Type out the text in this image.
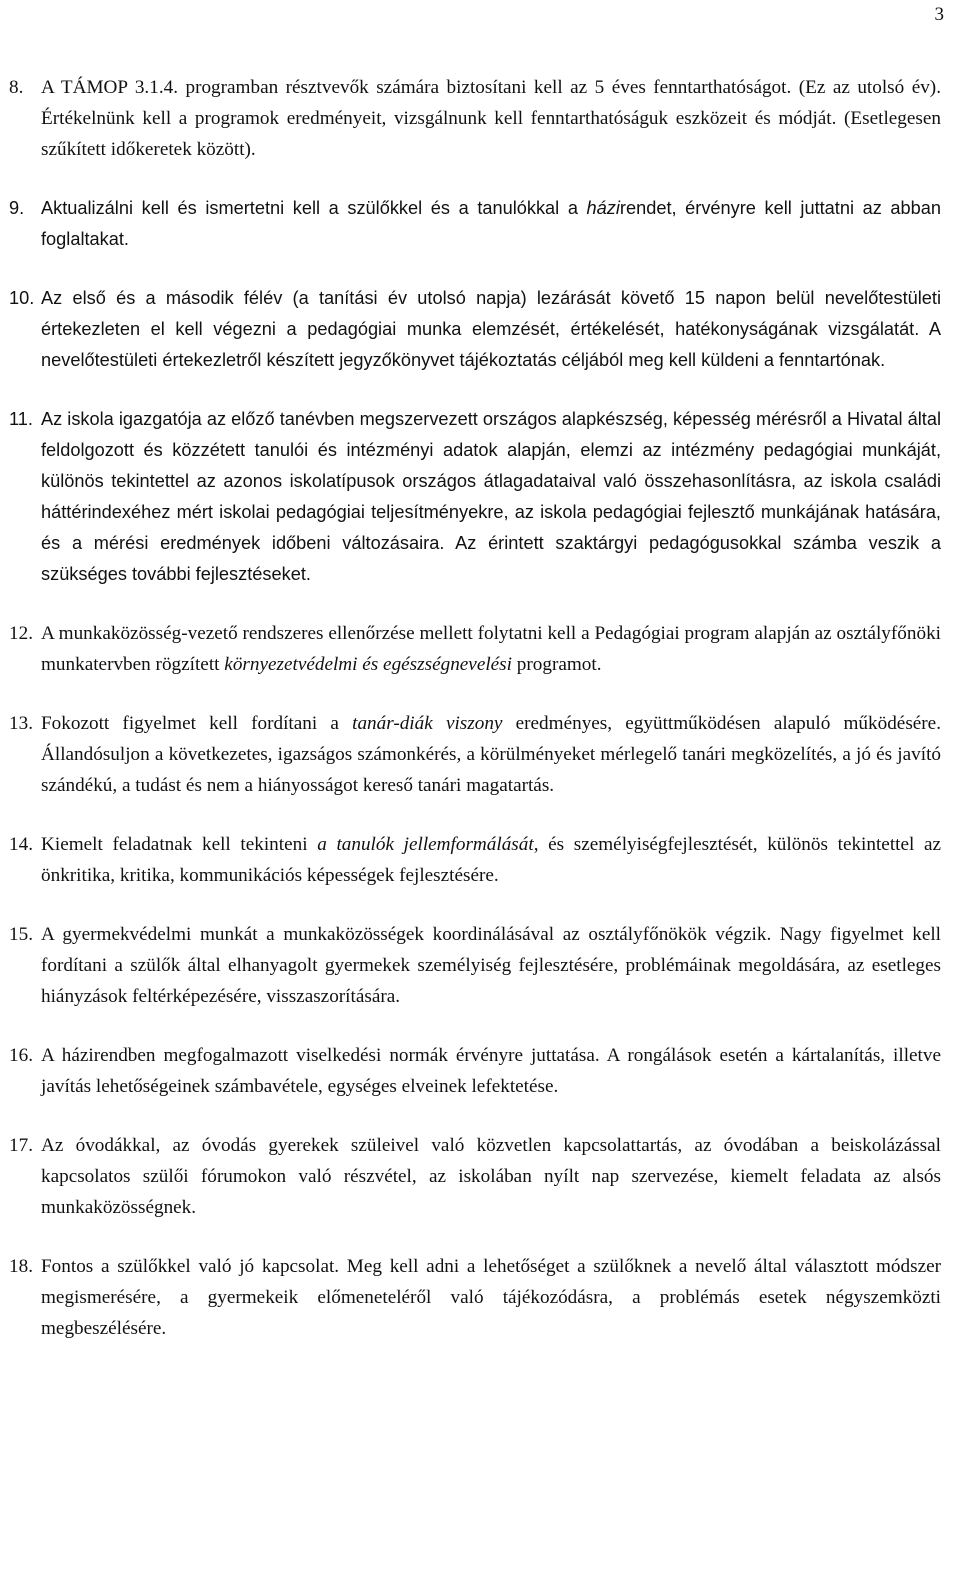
3
8. A TÁMOP 3.1.4. programban résztvevők számára biztosítani kell az 5 éves fenntarthatóságot. (Ez az utolsó év). Értékelnünk kell a programok eredményeit, vizsgálnunk kell fenntarthatóságuk eszközeit és módját. (Esetlegesen szűkített időkeretek között).
9. Aktualizálni kell és ismertetni kell a szülőkkel és a tanulókkal a házirendet, érvényre kell juttatni az abban foglaltakat.
10. Az első és a második félév (a tanítási év utolsó napja) lezárását követő 15 napon belül nevelőtestületi értekezleten el kell végezni a pedagógiai munka elemzését, értékelését, hatékonyságának vizsgálatát. A nevelőtestületi értekezletről készített jegyzőkönyvet tájékoztatás céljából meg kell küldeni a fenntartónak.
11. Az iskola igazgatója az előző tanévben megszervezett országos alapkészség, képesség mérésről a Hivatal által feldolgozott és közzétett tanulói és intézményi adatok alapján, elemzi az intézmény pedagógiai munkáját, különös tekintettel az azonos iskolatípusok országos átlagadataival való összehasonlításra, az iskola családi háttérindexéhez mért iskolai pedagógiai teljesítményekre, az iskola pedagógiai fejlesztő munkájának hatására, és a mérési eredmények időbeni változásaira. Az érintett szaktárgyi pedagógusokkal számba veszik a szükséges további fejlesztéseket.
12. A munkaközösség-vezető rendszeres ellenőrzése mellett folytatni kell a Pedagógiai program alapján az osztályfőnöki munkatervben rögzített környezetvédelmi és egészségnevelési programot.
13. Fokozott figyelmet kell fordítani a tanár-diák viszony eredményes, együttműködésen alapuló működésére. Állandósuljon a következetes, igazságos számonkérés, a körülményeket mérlegelő tanári megközelítés, a jó és javító szándékú, a tudást és nem a hiányosságot kereső tanári magatartás.
14. Kiemelt feladatnak kell tekinteni a tanulók jellemformálását, és személyiségfejlesztését, különös tekintettel az önkritika, kritika, kommunikációs képességek fejlesztésére.
15. A gyermekvédelmi munkát a munkaközösségek koordinálásával az osztályfőnökök végzik. Nagy figyelmet kell fordítani a szülők által elhanyagolt gyermekek személyiség fejlesztésére, problémáinak megoldására, az esetleges hiányzások feltérképezésére, visszaszorítására.
16. A házirendben megfogalmazott viselkedési normák érvényre juttatása. A rongálások esetén a kártalanítás, illetve javítás lehetőségeinek számbavétele, egységes elveinek lefektetése.
17. Az óvodákkal, az óvodás gyerekek szüleivel való közvetlen kapcsolattartás, az óvodában a beiskolázással kapcsolatos szülői fórumokon való részvétel, az iskolában nyílt nap szervezése, kiemelt feladata az alsós munkaközösségnek.
18. Fontos a szülőkkel való jó kapcsolat. Meg kell adni a lehetőséget a szülőknek a nevelő által választott módszer megismerésére, a gyermekeik előmeneteléről való tájékozódásra, a problémás esetek négyszemközti megbeszélésére.
